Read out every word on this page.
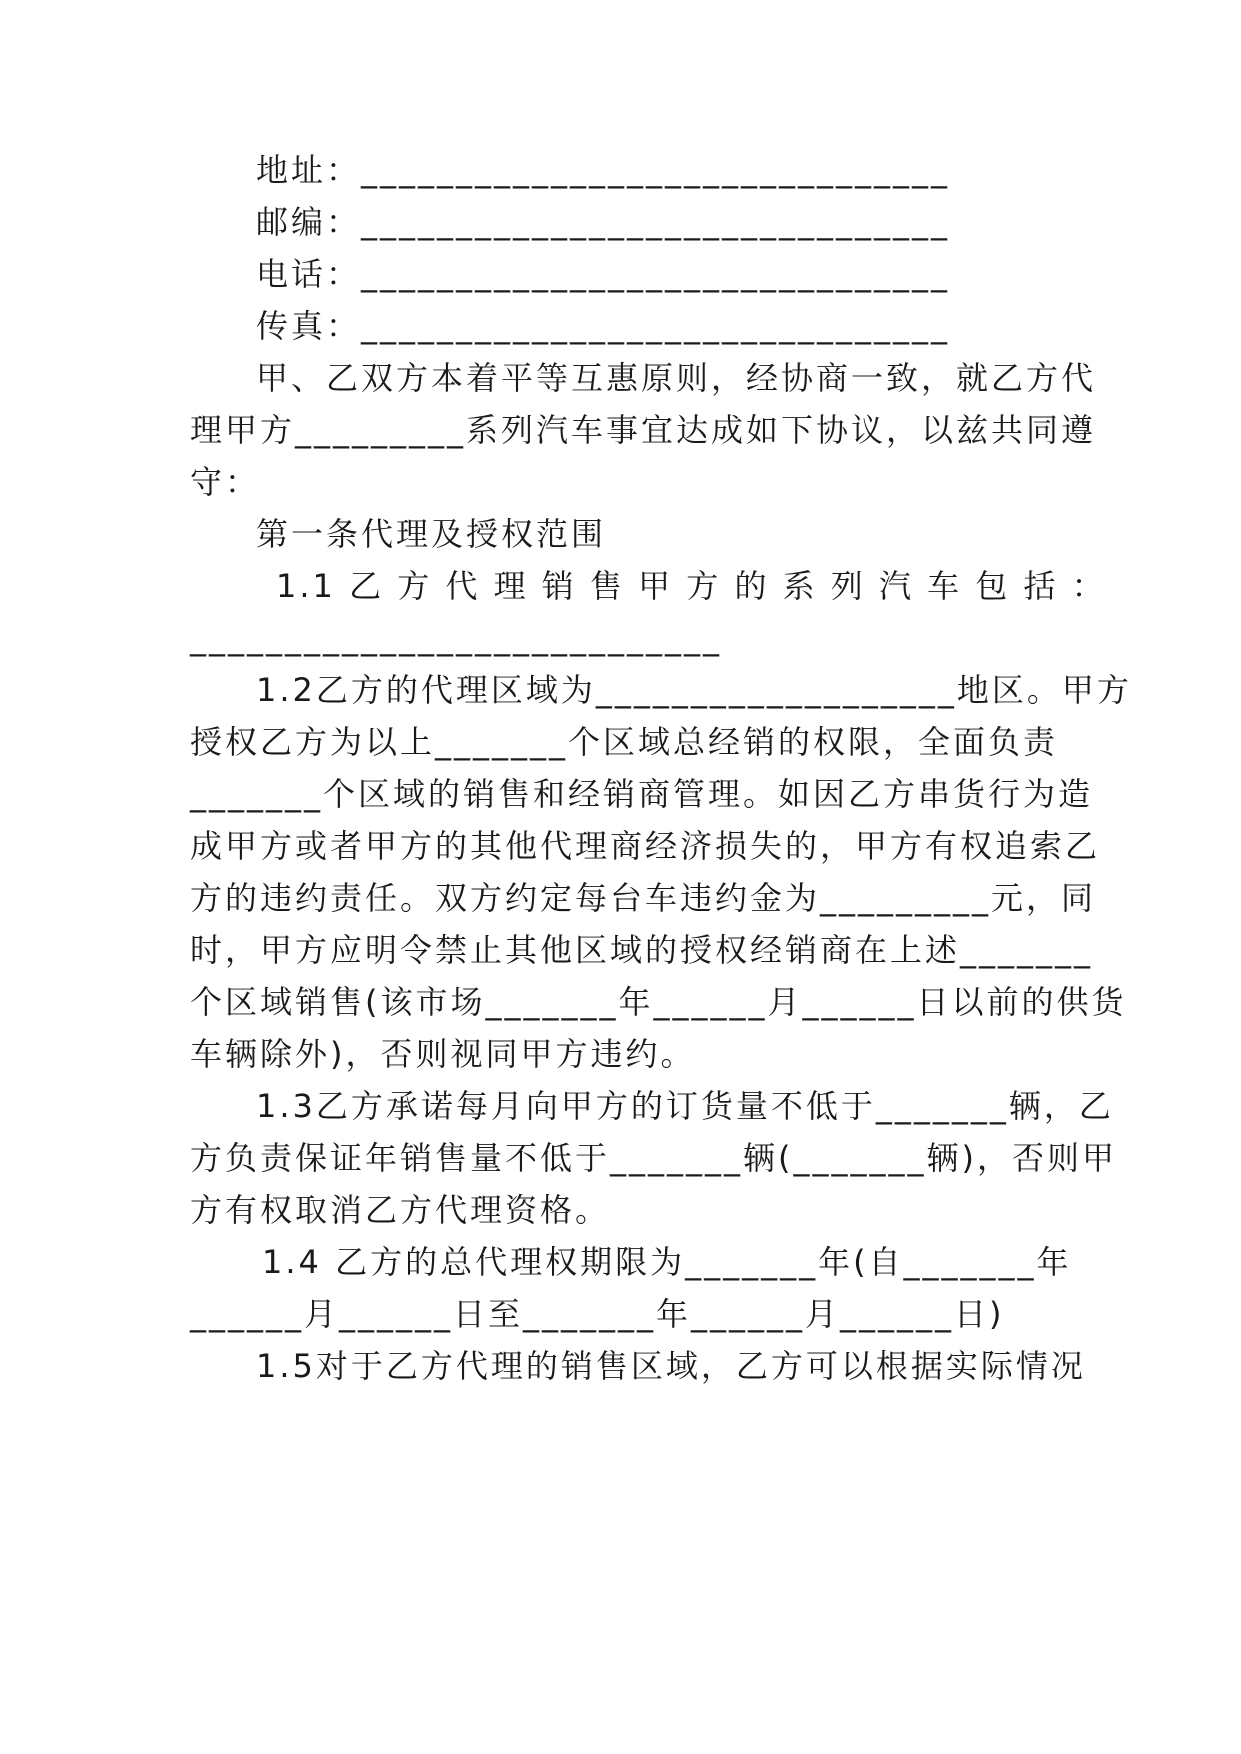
地址：_______________________________
邮编：_______________________________
电话：_______________________________
传真：_______________________________
甲、乙双方本着平等互惠原则，经协商一致，就乙方代
理甲方_________系列汽车事宜达成如下协议，以兹共同遵
守：
第一条代理及授权范围
1.1 乙 方 代 理 销 售 甲 方 的 系 列 汽 车 包 括 ：
____________________________
1.2乙方的代理区域为___________________地区。甲方
授权乙方为以上_______个区域总经销的权限，全面负责
_______个区域的销售和经销商管理。如因乙方串货行为造
成甲方或者甲方的其他代理商经济损失的，甲方有权追索乙
方的违约责任。双方约定每台车违约金为_________元，同
时，甲方应明令禁止其他区域的授权经销商在上述_______
个区域销售(该市场_______年______月______日以前的供货
车辆除外)，否则视同甲方违约。
1.3乙方承诺每月向甲方的订货量不低于_______辆，乙
方负责保证年销售量不低于_______辆(_______辆)，否则甲
方有权取消乙方代理资格。
1.4 乙方的总代理权期限为_______年(自_______年
______月______日至_______年______月______日)
1.5对于乙方代理的销售区域，乙方可以根据实际情况
